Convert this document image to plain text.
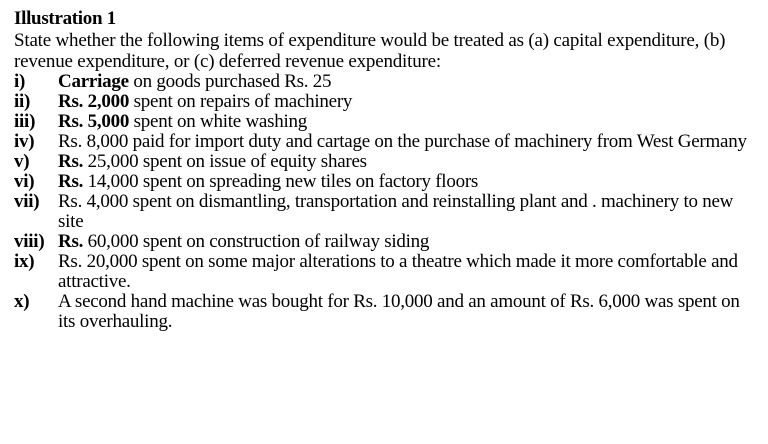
Illustration 1

State whether the following items of expenditure would be treated as (a) capital expenditure, (b) revenue expenditure, or (c) deferred revenue expenditure:

i)	Carriage on goods purchased Rs. 25
ii)	Rs. 2,000 spent on repairs of machinery
iii)	Rs. 5,000 spent on white washing
iv)	Rs. 8,000 paid for import duty and cartage on the purchase of machinery from West Germany
v)	Rs. 25,000 spent on issue of equity shares
vi)	Rs. 14,000 spent on spreading new tiles on factory floors
vii) Rs. 4,000 spent on dismantling, transportation and reinstalling plant and . machinery to new site
viii) Rs. 60,000 spent on construction of railway siding
ix)	Rs. 20,000 spent on some major alterations to a theatre which made it more comfortable and attractive.
x)	A second hand machine was bought for Rs. 10,000 and an amount of Rs. 6,000 was spent on its overhauling.
